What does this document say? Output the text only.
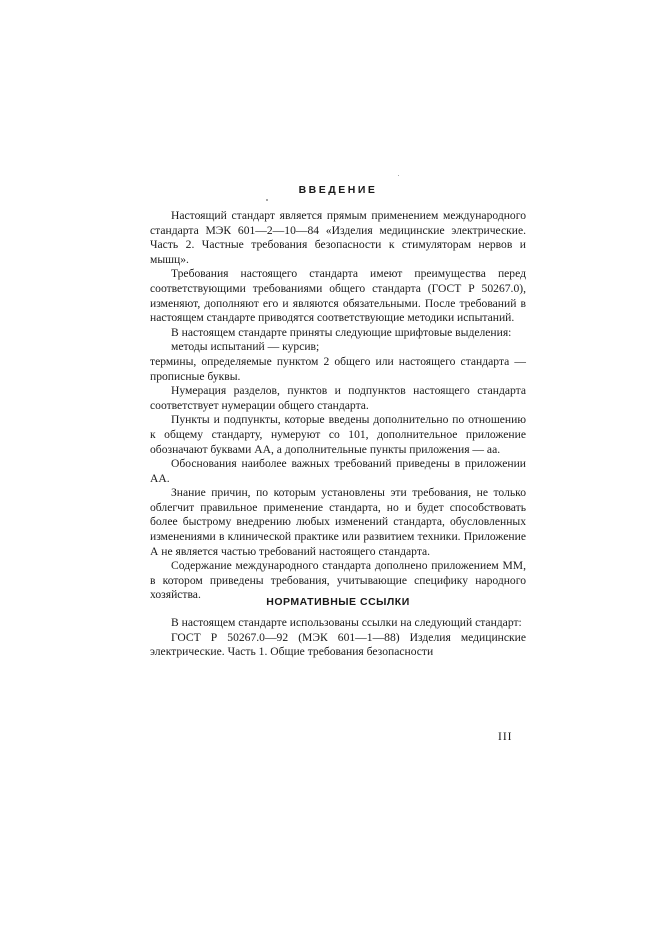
ВВЕДЕНИЕ

Настоящий стандарт является прямым применением международного стандарта МЭК 601—2—10—84 «Изделия медицинские электрические. Часть 2. Частные требования безопасности к стимуляторам нервов и мышц».

Требования настоящего стандарта имеют преимущества перед соответствующими требованиями общего стандарта (ГОСТ Р 50267.0), изменяют, дополняют его и являются обязательными. После требований в настоящем стандарте приводятся соответствующие методики испытаний.

В настоящем стандарте приняты следующие шрифтовые выделения:

методы испытаний — курсив;

термины, определяемые пунктом 2 общего или настоящего стандарта — прописные буквы.

Нумерация разделов, пунктов и подпунктов настоящего стандарта соответствует нумерации общего стандарта.

Пункты и подпункты, которые введены дополнительно по отношению к общему стандарту, нумеруют со 101, дополнительное приложение обозначают буквами АА, а дополнительные пункты приложения — аа.

Обоснования наиболее важных требований приведены в приложении АА.

Знание причин, по которым установлены эти требования, не только облегчит правильное применение стандарта, но и будет способствовать более быстрому внедрению любых изменений стандарта, обусловленных изменениями в клинической практике или развитием техники. Приложение А не является частью требований настоящего стандарта.

Содержание международного стандарта дополнено приложением ММ, в котором приведены требования, учитывающие специфику народного хозяйства.

НОРМАТИВНЫЕ ССЫЛКИ

В настоящем стандарте использованы ссылки на следующий стандарт:

ГОСТ Р 50267.0—92 (МЭК 601—1—88) Изделия медицинские электрические. Часть 1. Общие требования безопасности

III
